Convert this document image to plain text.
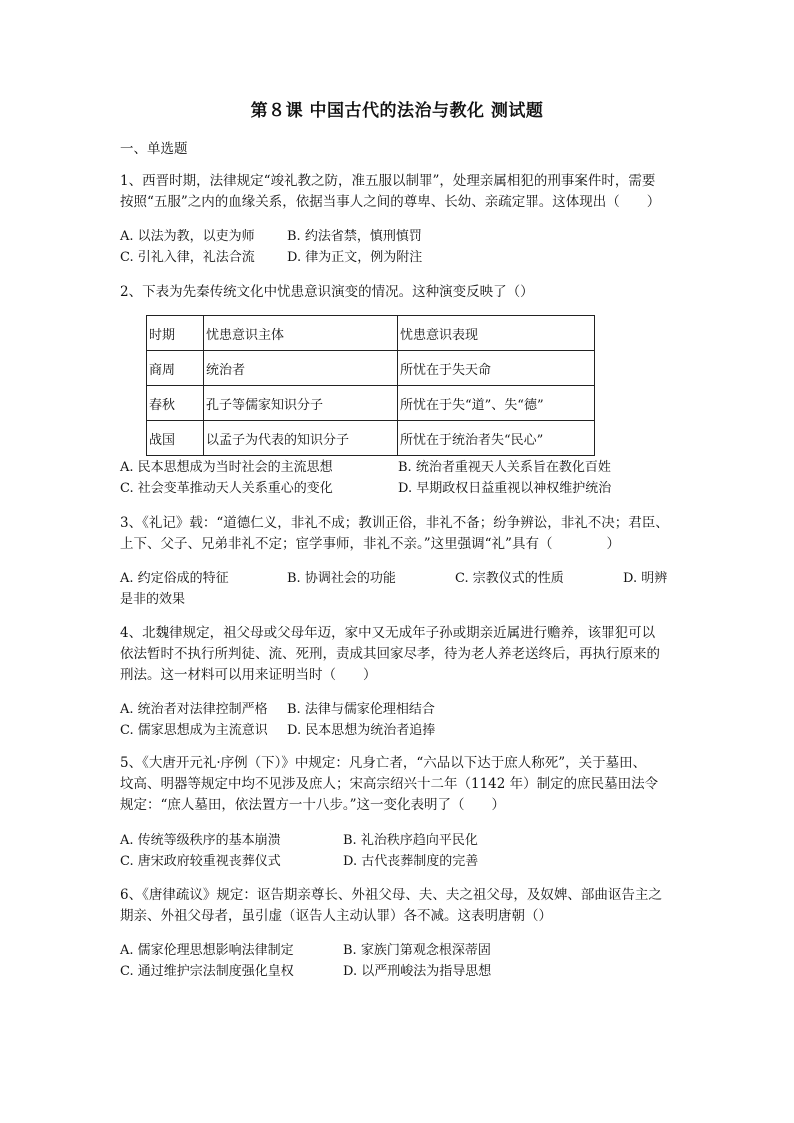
第８课 中国古代的法治与教化 测试题
一、单选题
1、西晋时期，法律规定“竣礼教之防，准五服以制罪”，处理亲属相犯的刑事案件时，需要
按照“五服”之内的血缘关系，依据当事人之间的尊卑、长幼、亲疏定罪。这体现出（　　）
A. 以法为教，以吏为师 B. 约法省禁，慎刑慎罚
C. 引礼入律，礼法合流 D. 律为正文，例为附注
2、下表为先秦传统文化中忧患意识演变的情况。这种演变反映了（）
时期	忧患意识主体	忧患意识表现
商周	统治者	所忧在于失天命
春秋	孔子等儒家知识分子	所忧在于失“道”、失“德”
战国	以孟子为代表的知识分子	所忧在于统治者失“民心”
A. 民本思想成为当时社会的主流思想	B. 统治者重视天人关系旨在教化百姓
C. 社会变革推动天人关系重心的变化	D. 早期政权日益重视以神权维护统治
3、《礼记》载：“道德仁义，非礼不成；教训正俗，非礼不备；纷争辨讼，非礼不决；君臣、
上下、父子、兄弟非礼不定；宦学事师，非礼不亲。”这里强调“礼”具有（　　　　）
A. 约定俗成的特征	B. 协调社会的功能	C. 宗教仪式的性质	D. 明辨
是非的效果
4、北魏律规定，祖父母或父母年迈，家中又无成年子孙或期亲近属进行赡养，该罪犯可以
依法暂时不执行所判徒、流、死刑，责成其回家尽孝，待为老人养老送终后，再执行原来的
刑法。这一材料可以用来证明当时（　　）
A. 统治者对法律控制严格 B. 法律与儒家伦理相结合
C. 儒家思想成为主流意识 D. 民本思想为统治者追捧
5、《大唐开元礼·序例（下）》中规定：凡身亡者，“六品以下达于庶人称死”，关于墓田、
坟高、明器等规定中均不见涉及庶人；宋高宗绍兴十二年（1142 年）制定的庶民墓田法令
规定：“庶人墓田，依法置方一十八步。”这一变化表明了（　　）
A. 传统等级秩序的基本崩溃	B. 礼治秩序趋向平民化
C. 唐宋政府较重视丧葬仪式	D. 古代丧葬制度的完善
6、《唐律疏议》规定：讴告期亲尊长、外祖父母、夫、夫之祖父母，及奴婢、部曲讴告主之
期亲、外祖父母者，虽引虚（讴告人主动认罪）各不减。这表明唐朝（）
A. 儒家伦理思想影响法律制定	B. 家族门第观念根深蒂固
C. 通过维护宗法制度强化皇权	D. 以严刑峻法为指导思想
